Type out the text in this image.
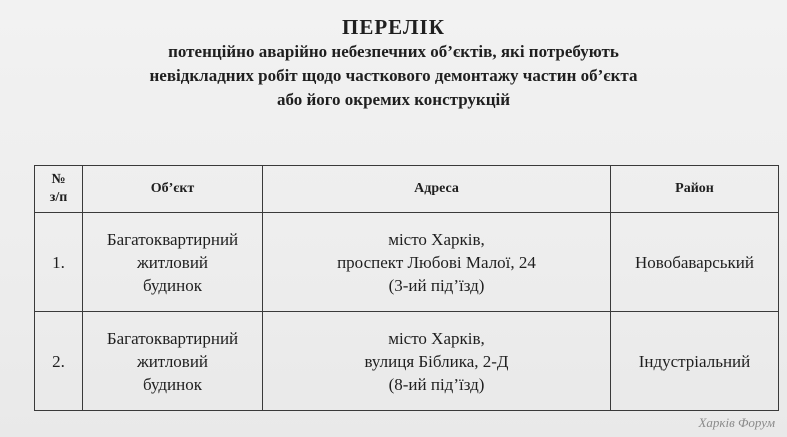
ПЕРЕЛІК
потенційно аварійно небезпечних об’єктів, які потребують
невідкладних робіт щодо часткового демонтажу частин об’єкта
або його окремих конструкцій
№
з/п	Об’єкт	Адреса	Район
1.	Багатоквартирний
житловий
будинок	місто Харків,
проспект Любові Малої, 24
(3-ий під’їзд)	Новобаварський
2.	Багатоквартирний
житловий
будинок	місто Харків,
вулиця Біблика, 2-Д
(8-ий під’їзд)	Індустріальний
Харків Форум
